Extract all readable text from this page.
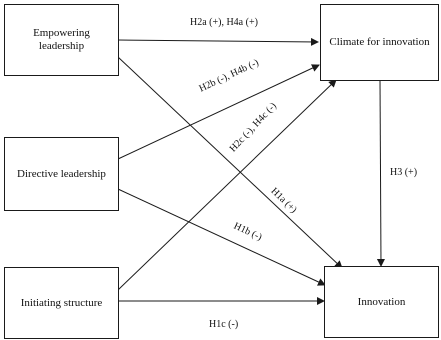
Empowering
leadership
Directive leadership
Initiating structure
Climate for innovation
Innovation
H2a (+), H4a (+)
H2b (-), H4b (-)
H2c (-), H4c (-)
H1a (+)
H1b (-)
H1c (-)
H3 (+)
